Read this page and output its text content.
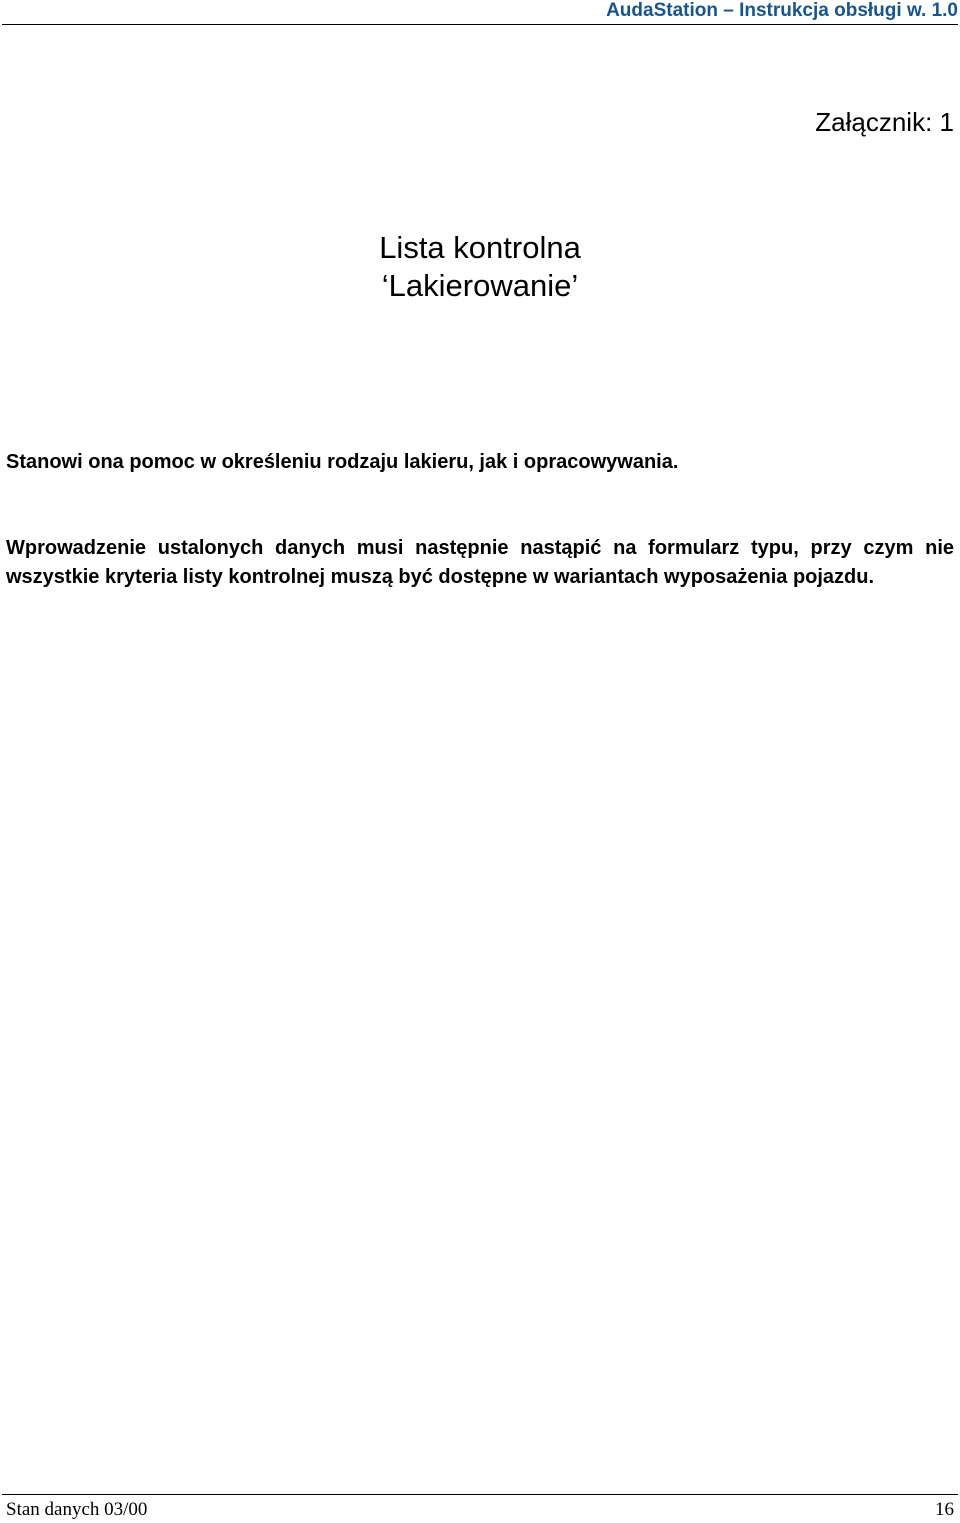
AudaStation – Instrukcja obsługi w. 1.0
Załącznik: 1
Lista kontrolna
‘Lakierowanie’
Stanowi ona pomoc w określeniu rodzaju lakieru, jak i opracowywania.
Wprowadzenie ustalonych danych musi następnie nastąpić na formularz typu, przy czym nie wszystkie kryteria listy kontrolnej muszą być dostępne w wariantach wyposażenia pojazdu.
Stan danych 03/00	16
